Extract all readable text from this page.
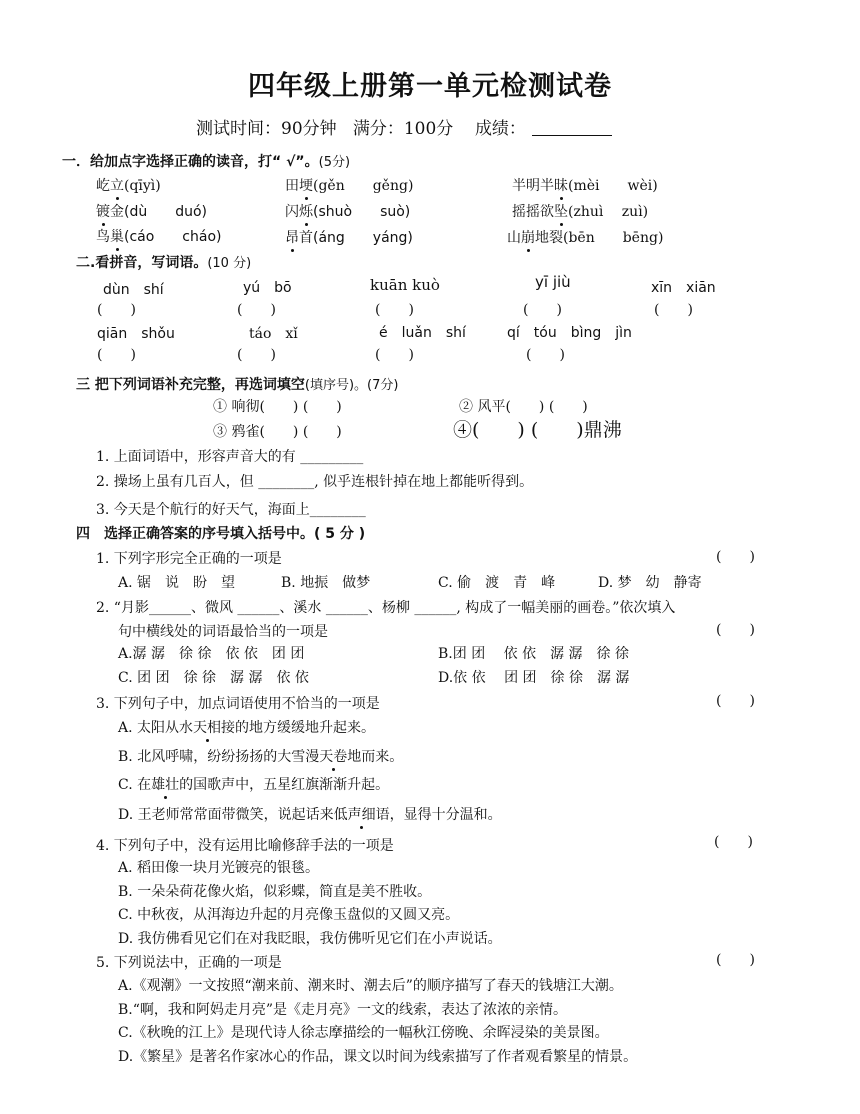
四年级上册第一单元检测试卷
测试时间：90分钟 满分：100分 成绩：
一．给加点字选择正确的读音，打“ √”。(5分)
屹立(qīyì)	田埂(gěn　　gěng)	半明半昧(mèi　　wèi)
镀金(dù　　duó)	闪烁(shuò　　suò)	摇摇欲坠(zhuì　 zuì)
鸟巢(cáo　　cháo)	昂首(áng　　yáng)	山崩地裂(bēn　　bēng)
二.看拼音，写词语。(10 分)
dùn　shí	yú　bō	kuān kuò	yī jiù	xīn　xiān
(　　)	(　　)	(　　)	(　　)	(　　)
qiān　shǒu	táo　xǐ	é　luǎn　shí	qí　tóu　bìng　jìn
(　　)	(　　)	(　　)	(　　)
三 把下列词语补充完整，再选词填空(填序号)。(7分)
① 响彻(　　) (　　)	② 风平(　　) (　　)
③ 鸦雀(　　) (　　)	④(　　) (　　)鼎沸
1. 上面词语中，形容声音大的有 _________
2. 操场上虽有几百人，但 ________, 似乎连根针掉在地上都能听得到。
3. 今天是个航行的好天气，海面上________
四　选择正确答案的序号填入括号中。( 5 分 )
1. 下列字形完全正确的一项是	(　　)
A. 锯　说　盼　望	B. 地振　做梦	C. 偷　渡　青　峰	D. 梦　幼　静寄
2. “月影______、微风 ______、溪水 ______、杨柳 ______, 构成了一幅美丽的画卷。”依次填入
句中横线处的词语最恰当的一项是	(　　)
A.潺 潺　徐 徐　依 依　团 团	B.团 团　 依 依　潺 潺　徐 徐
C. 团 团　徐 徐　潺 潺　依 依	D.依 依　 团 团　徐 徐　潺 潺
3. 下列句子中，加点词语使用不恰当的一项是	(　　)
A. 太阳从水天相接的地方缓缓地升起来。
B. 北风呼啸，纷纷扬扬的大雪漫天卷地而来。
C. 在雄壮的国歌声中，五星红旗渐渐升起。
D. 王老师常常面带微笑，说起话来低声细语，显得十分温和。
4. 下列句子中，没有运用比喻修辞手法的一项是	(　　)
A. 稻田像一块月光镀亮的银毯。
B. 一朵朵荷花像火焰，似彩蝶，简直是美不胜收。
C. 中秋夜，从洱海边升起的月亮像玉盘似的又圆又亮。
D. 我仿佛看见它们在对我眨眼，我仿佛听见它们在小声说话。
5. 下列说法中，正确的一项是	(　　)
A.《观潮》一文按照“潮来前、潮来时、潮去后”的顺序描写了春天的钱塘江大潮。
B.“啊，我和阿妈走月亮”是《走月亮》一文的线索，表达了浓浓的亲情。
C.《秋晚的江上》是现代诗人徐志摩描绘的一幅秋江傍晚、余晖浸染的美景图。
D.《繁星》是著名作家冰心的作品，课文以时间为线索描写了作者观看繁星的情景。
